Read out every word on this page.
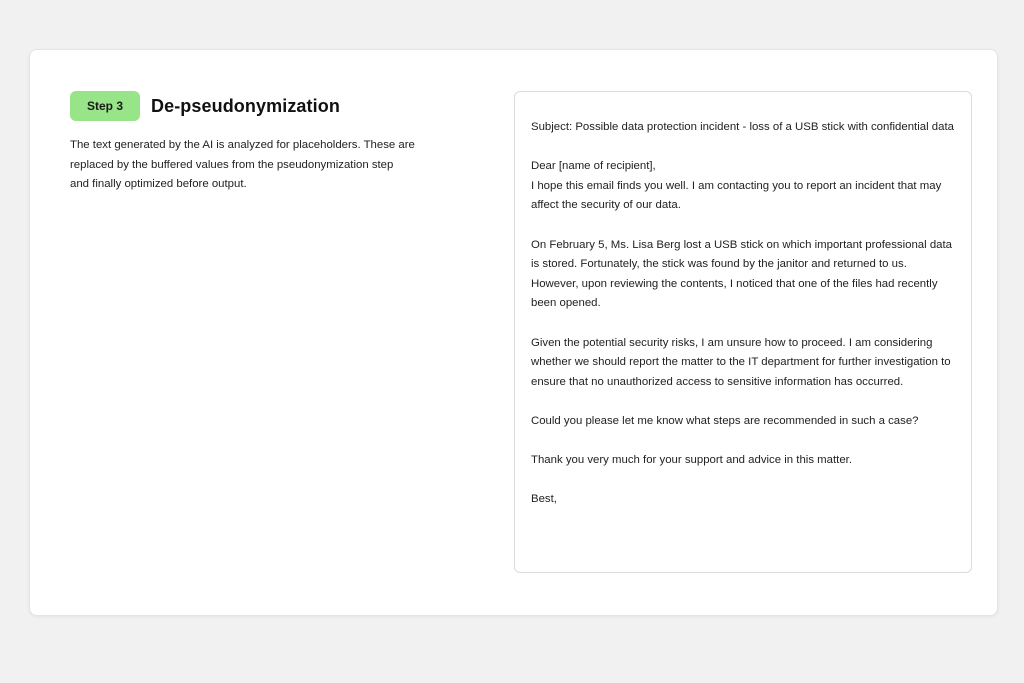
Step 3	De-pseudonymization
The text generated by the AI is analyzed for placeholders. These are replaced by the buffered values from the pseudonymization step and finally optimized before output.

Subject: Possible data protection incident - loss of a USB stick with confidential data

Dear [name of recipient],

I hope this email finds you well. I am contacting you to report an incident that may affect the security of our data.

On February 5, Ms. Lisa Berg lost a USB stick on which important professional data is stored. Fortunately, the stick was found by the janitor and returned to us. However, upon reviewing the contents, I noticed that one of the files had recently been opened.

Given the potential security risks, I am unsure how to proceed. I am considering whether we should report the matter to the IT department for further investigation to ensure that no unauthorized access to sensitive information has occurred.

Could you please let me know what steps are recommended in such a case?

Thank you very much for your support and advice in this matter.

Best,
